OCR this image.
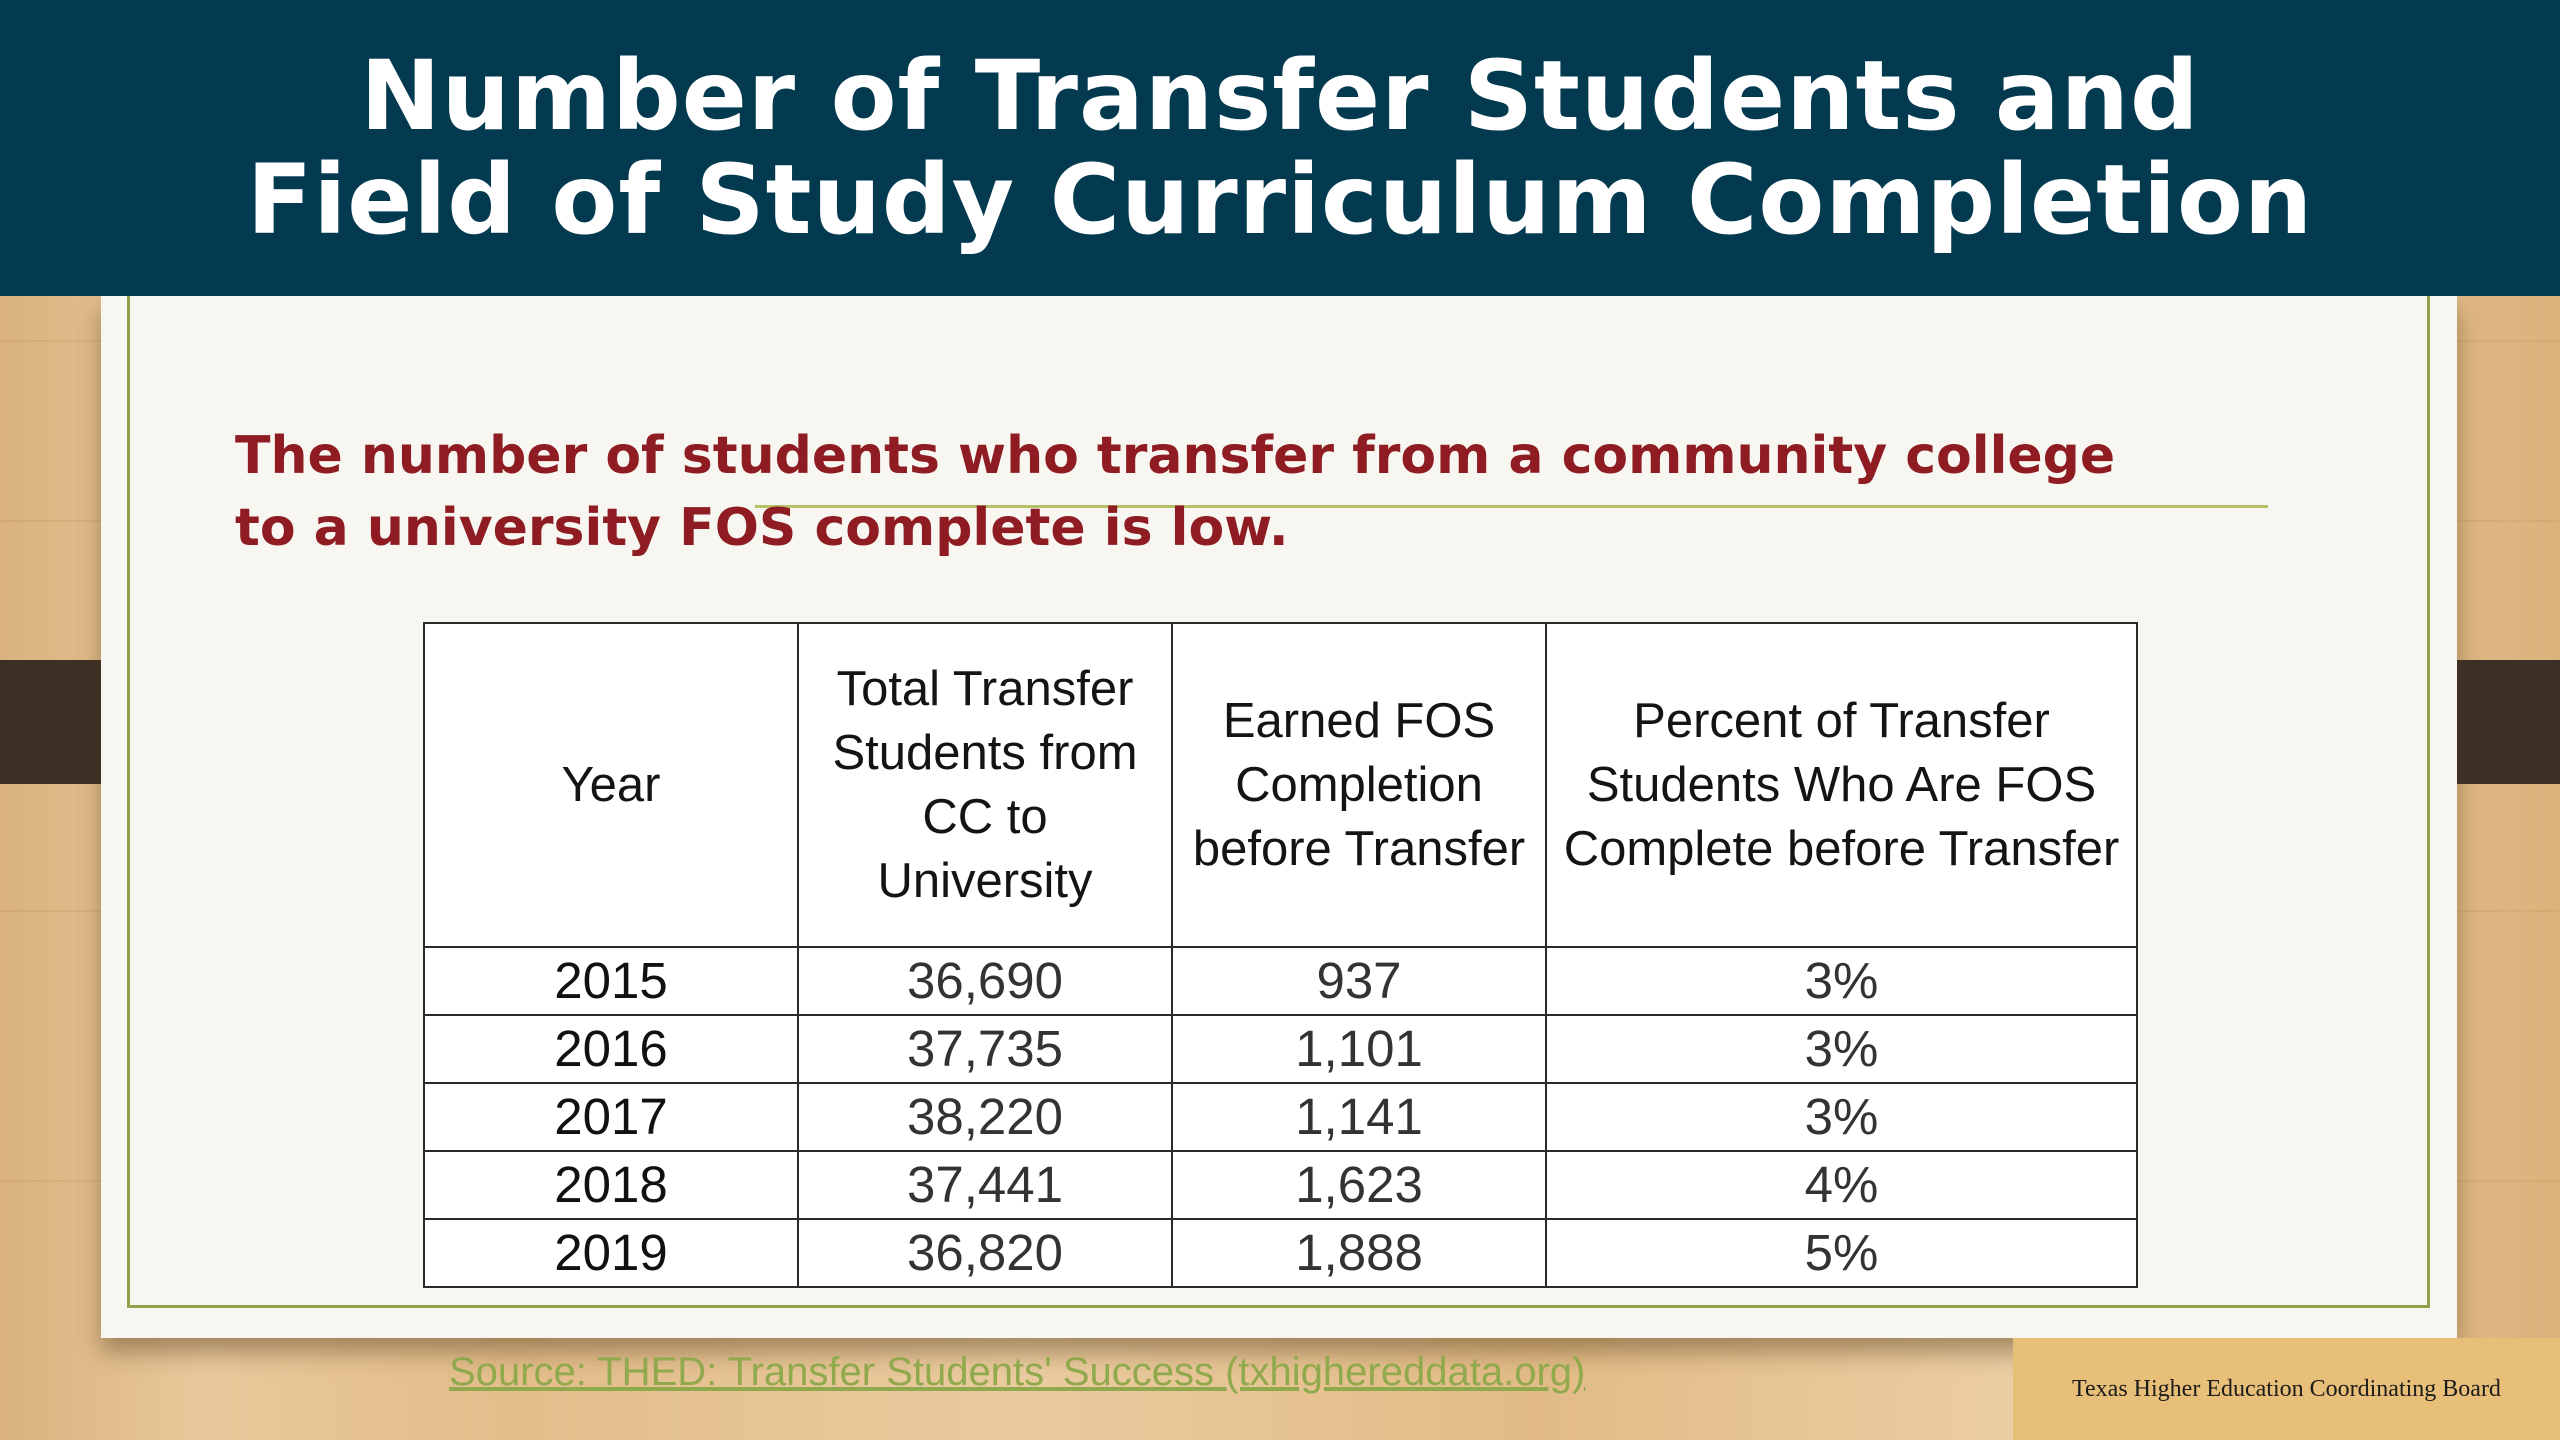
Number of Transfer Students and
Field of Study Curriculum Completion
The number of students who transfer from a community college
to a university FOS complete is low.
Year	Total Transfer Students from CC to University	Earned FOS Completion before Transfer	Percent of Transfer Students Who Are FOS Complete before Transfer
2015	36,690	937	3%
2016	37,735	1,101	3%
2017	38,220	1,141	3%
2018	37,441	1,623	4%
2019	36,820	1,888	5%
Source: THED: Transfer Students' Success (txhighereddata.org)	Texas Higher Education Coordinating Board
